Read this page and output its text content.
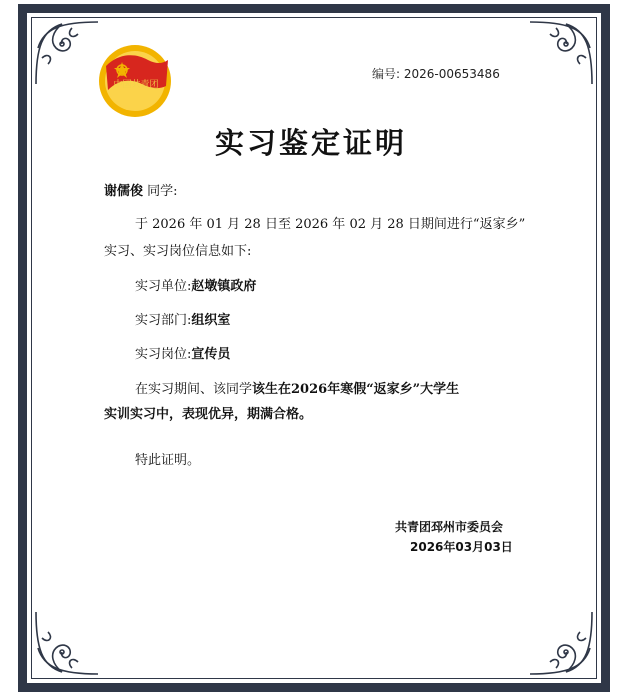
中国共青团
编号: 2026-00653486
实习鉴定证明
谢儒俊 同学:
于 2026 年 01 月 28 日至 2026 年 02 月 28 日期间进行“返家乡”
实习、实习岗位信息如下:
实习单位:赵墩镇政府
实习部门:组织室
实习岗位:宣传员
在实习期间、该同学该生在2026年寒假“返家乡”大学生
实训实习中，表现优异，期满合格。
特此证明。
共青团邳州市委员会
2026年03月03日
